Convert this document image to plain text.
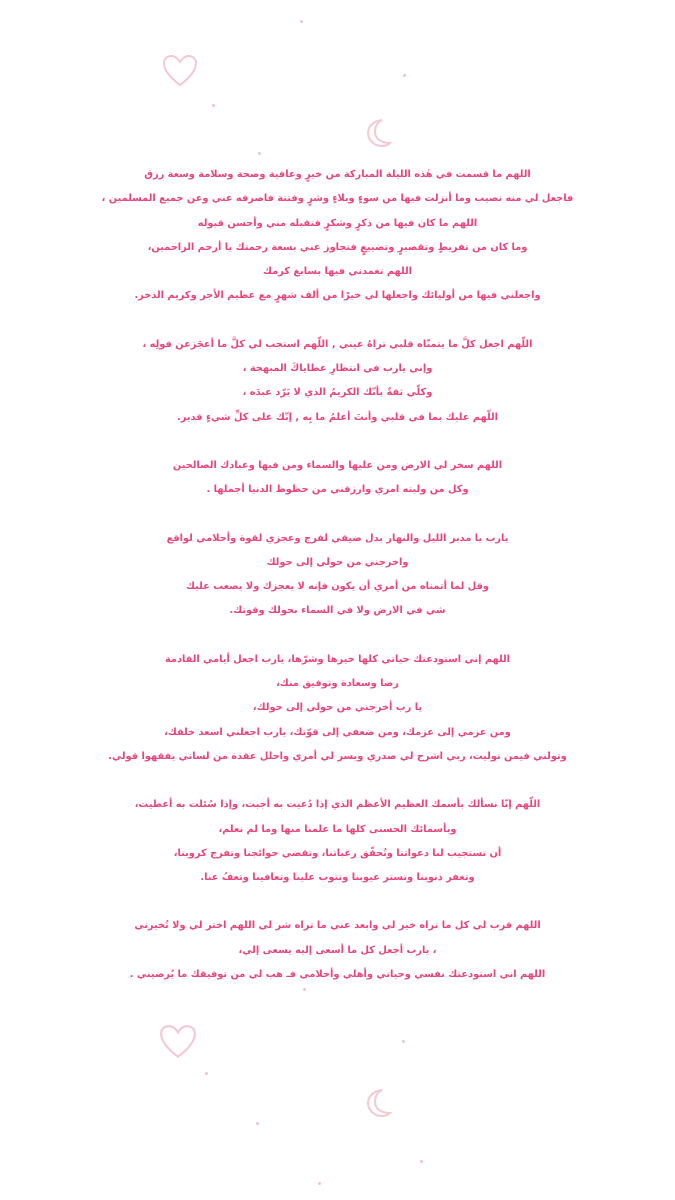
اللهم ما قسمت في هٰذه الليلة المباركة من خيرٍ وعافية وصحة وسلامة وسعة رزق
فاجعل لي منه نصيب وما أنزلت فيها من سوءٍ وبلاءٍ وشرٍ وفتنة فاصرفه عني وعن جميع المسلمين ،
اللهم ما كان فيها من ذكرٍ وشكرٍ فتقبله مني وأحسن قبوله
وما كان من تفريطٍ وتقصيرٍ وتضييعٍ فتجاوز عني بسعة رحمتك يا أرحم الراحمين،
اللهم تغمدني فيها بسابغ كرمك
واجعلني فيها من أوليائك واجعلها لي خيرًا من ألف شهرٍ مع عظيم الأجر وكريم الذخر.
اللّهم اجعل كلَّ ما يتمنّاه قلبي تراهُ عيني , اللّهم استجب لي كلَّ ما أعجَزعن قولِه ،
وإني يارب في انتظارِ عطاياكَ المبهجة ،
وكلّي ثقةٌ بأنّك الكريمُ الذي لا يَرّد عبدَه ،
اللّهم عليك بما في قلبي وأنتَ أعلمُ ما بِه , إنّك على كلِّ شيءٍ قدير.
اللهم سخر لي الارض ومن عليها والسماء ومن فيها وعبادك الصالحين
وكل من وليته امري وارزقني من حظوظ الدنيا أجملها .
يارب يا مدبر الليل والنهار بدل ضيقي لفرج وعجزي لقوة وأحلامي لواقع
واخرجني من حولي إلى حولك
وقل لما أتمناه من أمري أن يكون فإنه لا يعجزك ولا يصعب عليك
شي في الارض ولا في السماء بحولك وقوتك.
اللهم إني استودعتك حياتي كلها خيرها وشرّها، يارب اجعل أيامي القادمة
رضا وسعادة وتوفيق منك،
يا رب أخرجني من حولي إلى حولك،
ومن عزمي إلى عزمك، ومن ضعفي إلى قوّتك، يارب اجعلني اسعد خلقك،
وتولني فيمن توليت، ربي اشرح لي صدري ويسر لي أمري واحلل عقدة من لساني يفقهوا قولي.
اللّهم إنّا نسألك بأسمك العظيم الأعظم الذي إذا دُعيت به أجبت، وإذا سُئلت به أعطيت،
وبأسمائك الحسنى كلها ما علمنا منها وما لم نعلم،
أن تستجيب لنا دعواتنا وتُحقّق رغباتنا، وتقضي حوائجنا وتفرج كروبنا،
وتغفر ذنوبنا وتستر عيوبنا وتتوب علينا وتعافينا وتعفُ عنا.
اللهم قرب لي كل ما تراه خير لي وابعد عني ما تراه شر لي اللهم اختر لي ولا تُخيرني
، يارب أجعل كل ما أسعى إليه يسعى إلي،
اللهم اني استودعتك نفسي وحياتي وأهلي وأحلامي فـ هب لي من توفيقك ما يُرضيني .
